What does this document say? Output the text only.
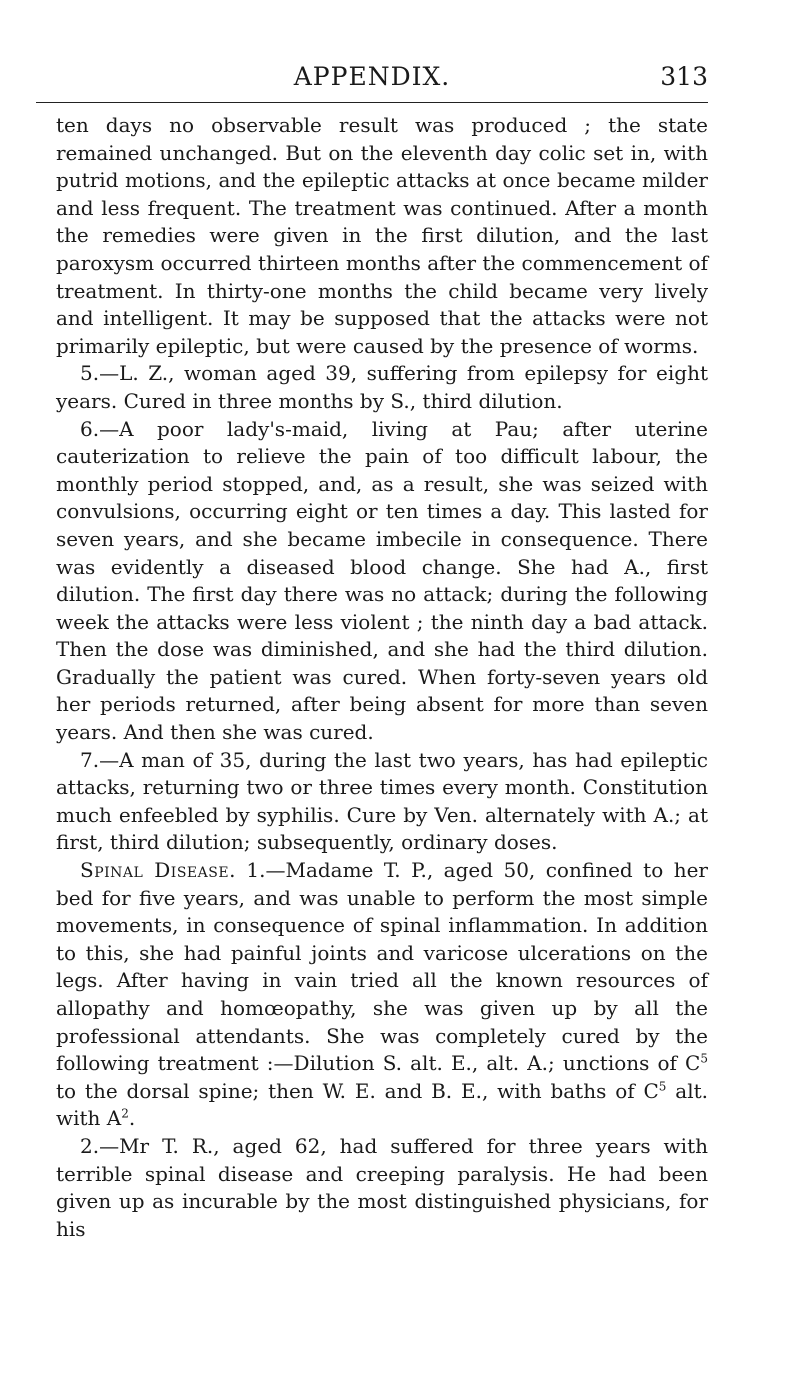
APPENDIX.	313

ten days no observable result was produced ; the state remained unchanged. But on the eleventh day colic set in, with putrid motions, and the epileptic attacks at once became milder and less frequent. The treatment was continued. After a month the remedies were given in the first dilution, and the last paroxysm occurred thirteen months after the commencement of treatment. In thirty-one months the child became very lively and intelligent. It may be supposed that the attacks were not primarily epileptic, but were caused by the presence of worms.

5.—L. Z., woman aged 39, suffering from epilepsy for eight years. Cured in three months by S., third dilution.

6.—A poor lady's-maid, living at Pau; after uterine cauterization to relieve the pain of too difficult labour, the monthly period stopped, and, as a result, she was seized with convulsions, occurring eight or ten times a day. This lasted for seven years, and she became imbecile in consequence. There was evidently a diseased blood change. She had A., first dilution. The first day there was no attack; during the following week the attacks were less violent ; the ninth day a bad attack. Then the dose was diminished, and she had the third dilution. Gradually the patient was cured. When forty-seven years old her periods returned, after being absent for more than seven years. And then she was cured.

7.—A man of 35, during the last two years, has had epileptic attacks, returning two or three times every month. Constitution much enfeebled by syphilis. Cure by Ven. alternately with A.; at first, third dilution; subsequently, ordinary doses.

Spinal Disease. 1.—Madame T. P., aged 50, confined to her bed for five years, and was unable to perform the most simple movements, in consequence of spinal inflammation. In addition to this, she had painful joints and varicose ulcerations on the legs. After having in vain tried all the known resources of allopathy and homœopathy, she was given up by all the professional attendants. She was completely cured by the following treatment :—Dilution S. alt. E., alt. A.; unctions of $C^5$ to the dorsal spine; then W. E. and B. E., with baths of $C^5$ alt. with $A^2$.

2.—Mr T. R., aged 62, had suffered for three years with terrible spinal disease and creeping paralysis. He had been given up as incurable by the most distinguished physicians, for his
